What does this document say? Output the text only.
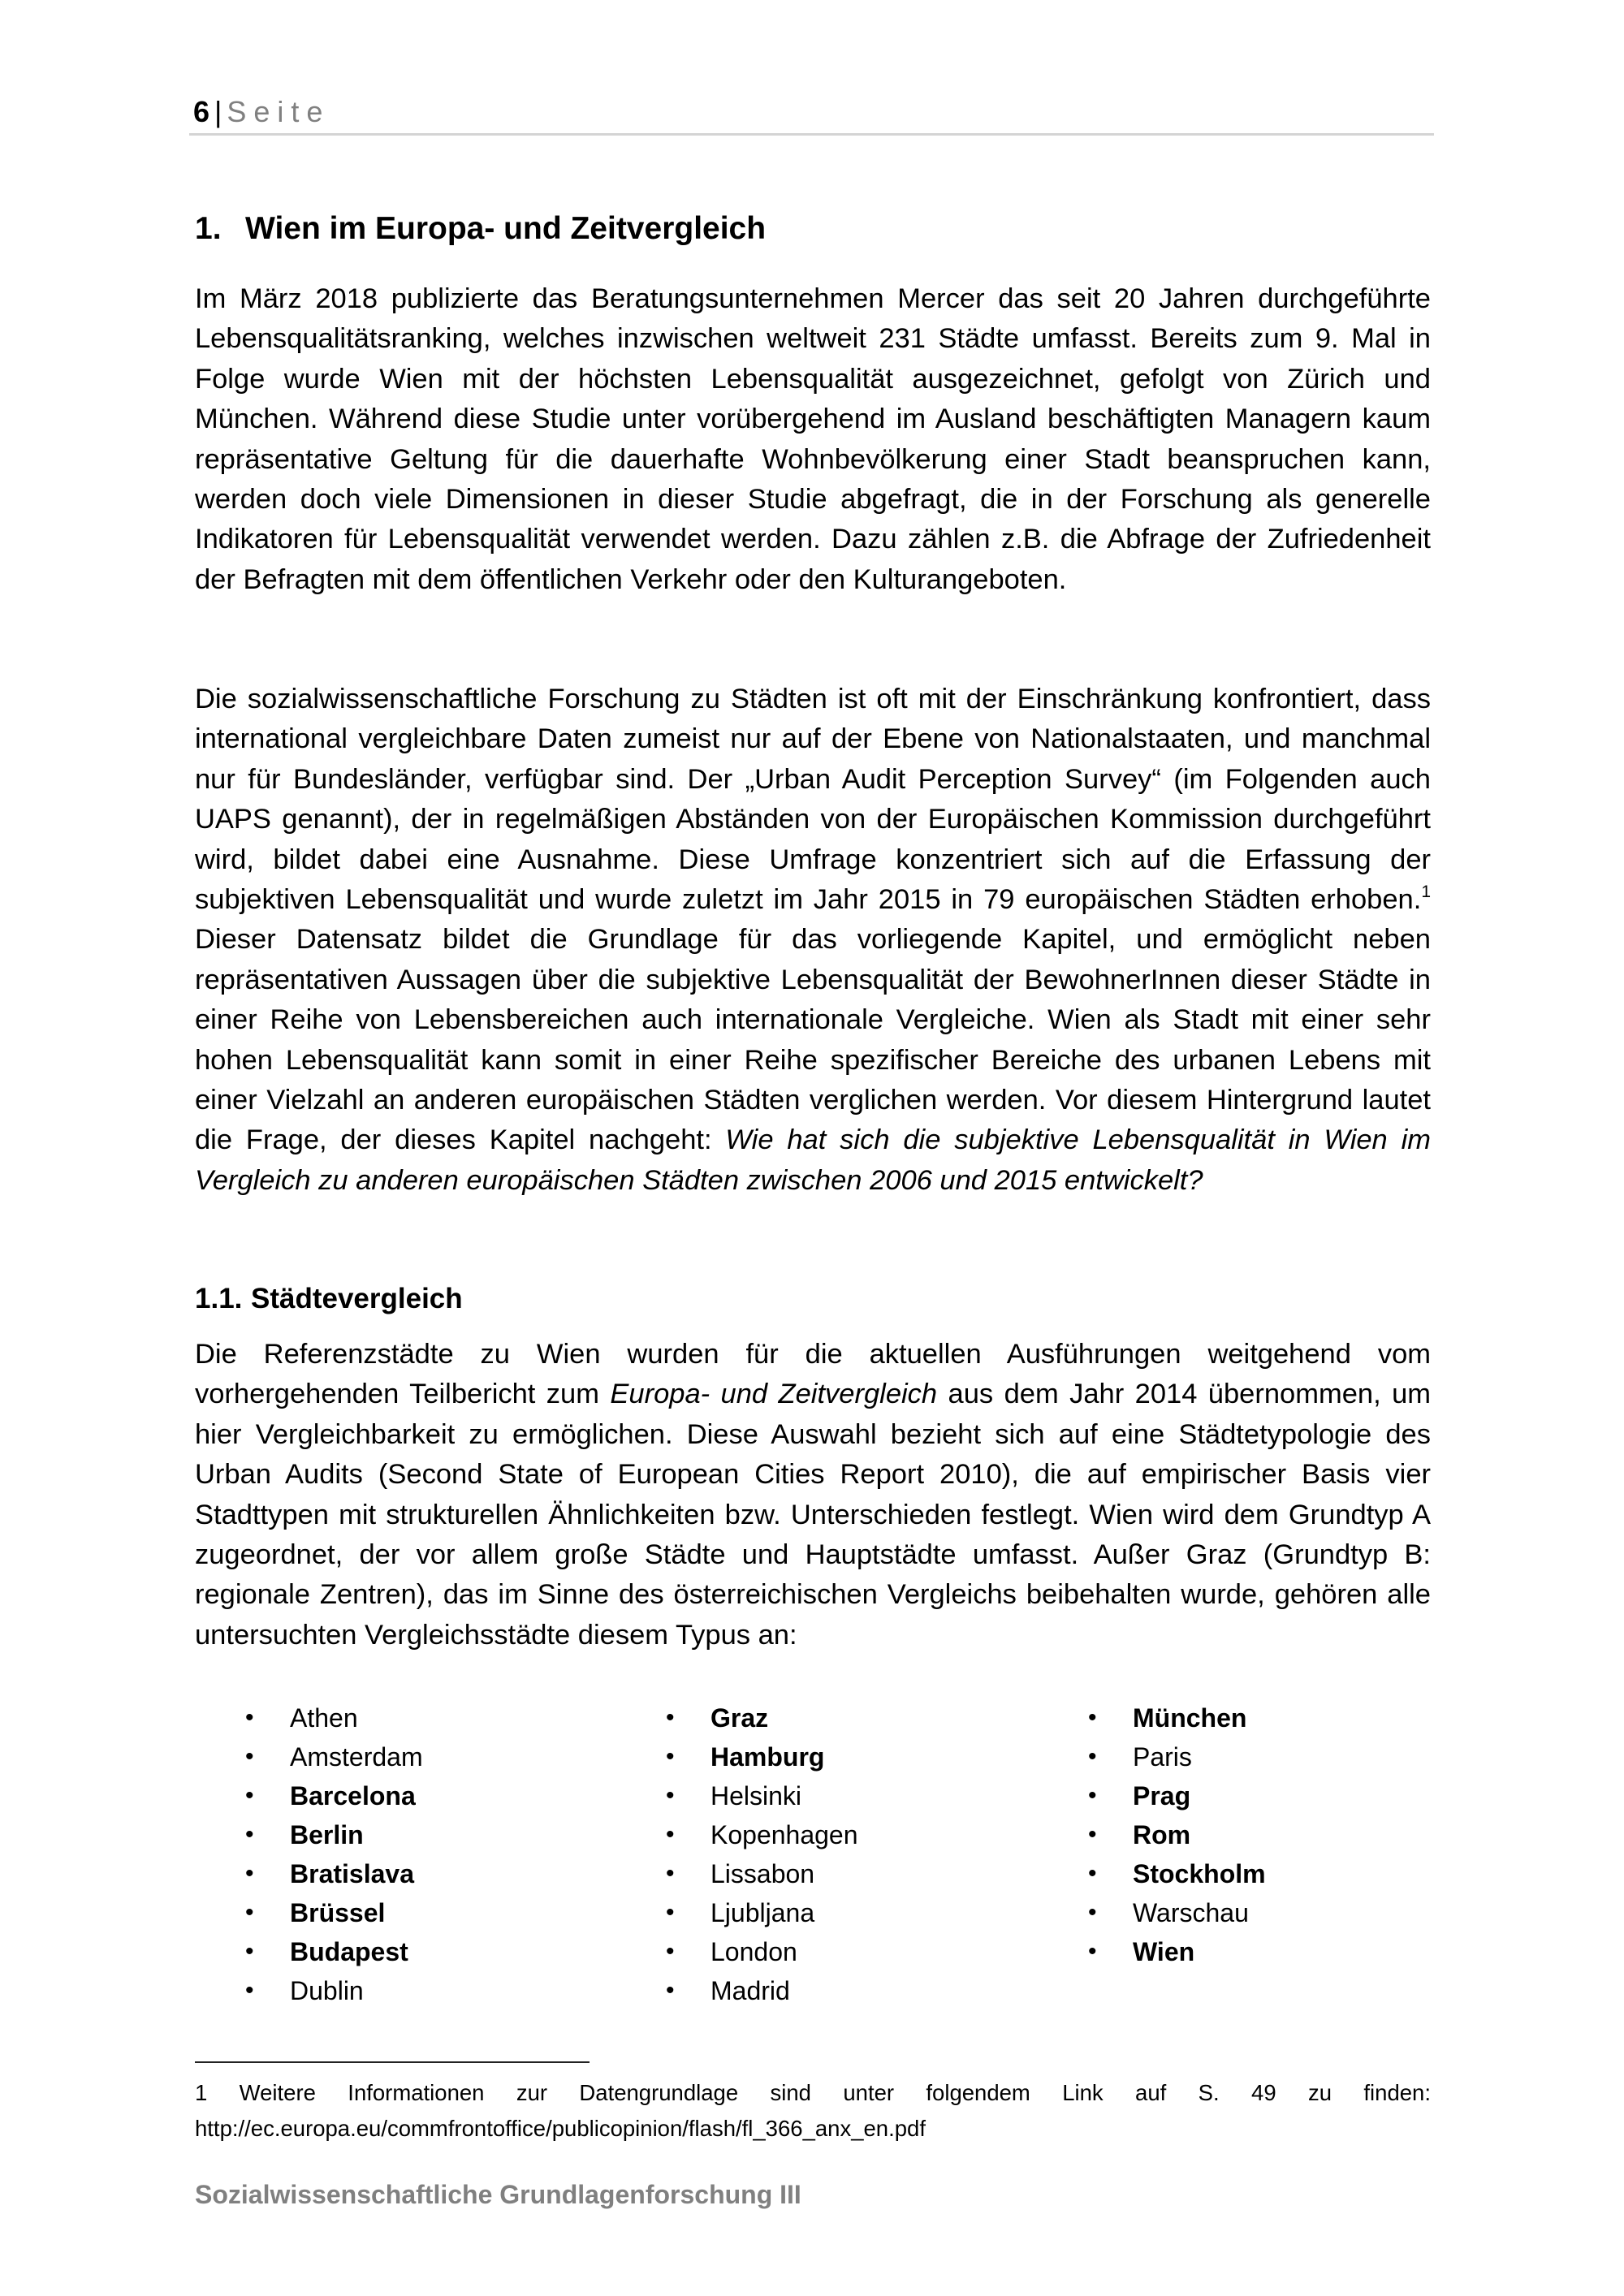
6 | Seite
1. Wien im Europa- und Zeitvergleich

Im März 2018 publizierte das Beratungsunternehmen Mercer das seit 20 Jahren durchgeführte Lebensqualitätsranking, welches inzwischen weltweit 231 Städte umfasst. Bereits zum 9. Mal in Folge wurde Wien mit der höchsten Lebensqualität ausgezeichnet, gefolgt von Zürich und München. Während diese Studie unter vorübergehend im Ausland beschäftigten Managern kaum repräsentative Geltung für die dauerhafte Wohnbevölkerung einer Stadt beanspruchen kann, werden doch viele Dimensionen in dieser Studie abgefragt, die in der Forschung als generelle Indikatoren für Lebensqualität verwendet werden. Dazu zählen z.B. die Abfrage der Zufriedenheit der Befragten mit dem öffentlichen Verkehr oder den Kulturangeboten.

Die sozialwissenschaftliche Forschung zu Städten ist oft mit der Einschränkung konfrontiert, dass international vergleichbare Daten zumeist nur auf der Ebene von Nationalstaaten, und manchmal nur für Bundesländer, verfügbar sind. Der „Urban Audit Perception Survey“ (im Folgenden auch UAPS genannt), der in regelmäßigen Abständen von der Europäischen Kommission durchgeführt wird, bildet dabei eine Ausnahme. Diese Umfrage konzentriert sich auf die Erfassung der subjektiven Lebensqualität und wurde zuletzt im Jahr 2015 in 79 europäischen Städten erhoben.$^1$ Dieser Datensatz bildet die Grundlage für das vorliegende Kapitel, und ermöglicht neben repräsentativen Aussagen über die subjektive Lebensqualität der BewohnerInnen dieser Städte in einer Reihe von Lebensbereichen auch internationale Vergleiche. Wien als Stadt mit einer sehr hohen Lebensqualität kann somit in einer Reihe spezifischer Bereiche des urbanen Lebens mit einer Vielzahl an anderen europäischen Städten verglichen werden. Vor diesem Hintergrund lautet die Frage, der dieses Kapitel nachgeht: Wie hat sich die subjektive Lebensqualität in Wien im Vergleich zu anderen europäischen Städten zwischen 2006 und 2015 entwickelt?

1.1. Städtevergleich

Die Referenzstädte zu Wien wurden für die aktuellen Ausführungen weitgehend vom vorhergehenden Teilbericht zum Europa- und Zeitvergleich aus dem Jahr 2014 übernommen, um hier Vergleichbarkeit zu ermöglichen. Diese Auswahl bezieht sich auf eine Städtetypologie des Urban Audits (Second State of European Cities Report 2010), die auf empirischer Basis vier Stadttypen mit strukturellen Ähnlichkeiten bzw. Unterschieden festlegt. Wien wird dem Grundtyp A zugeordnet, der vor allem große Städte und Hauptstädte umfasst. Außer Graz (Grundtyp B: regionale Zentren), das im Sinne des österreichischen Vergleichs beibehalten wurde, gehören alle untersuchten Vergleichsstädte diesem Typus an:

• Athen
• Amsterdam
• Barcelona
• Berlin
• Bratislava
• Brüssel
• Budapest
• Dublin
• Graz
• Hamburg
• Helsinki
• Kopenhagen
• Lissabon
• Ljubljana
• London
• Madrid
• München
• Paris
• Prag
• Rom
• Stockholm
• Warschau
• Wien
1 Weitere Informationen zur Datengrundlage sind unter folgendem Link auf S. 49 zu finden:
http://ec.europa.eu/commfrontoffice/publicopinion/flash/fl_366_anx_en.pdf
Sozialwissenschaftliche Grundlagenforschung III
